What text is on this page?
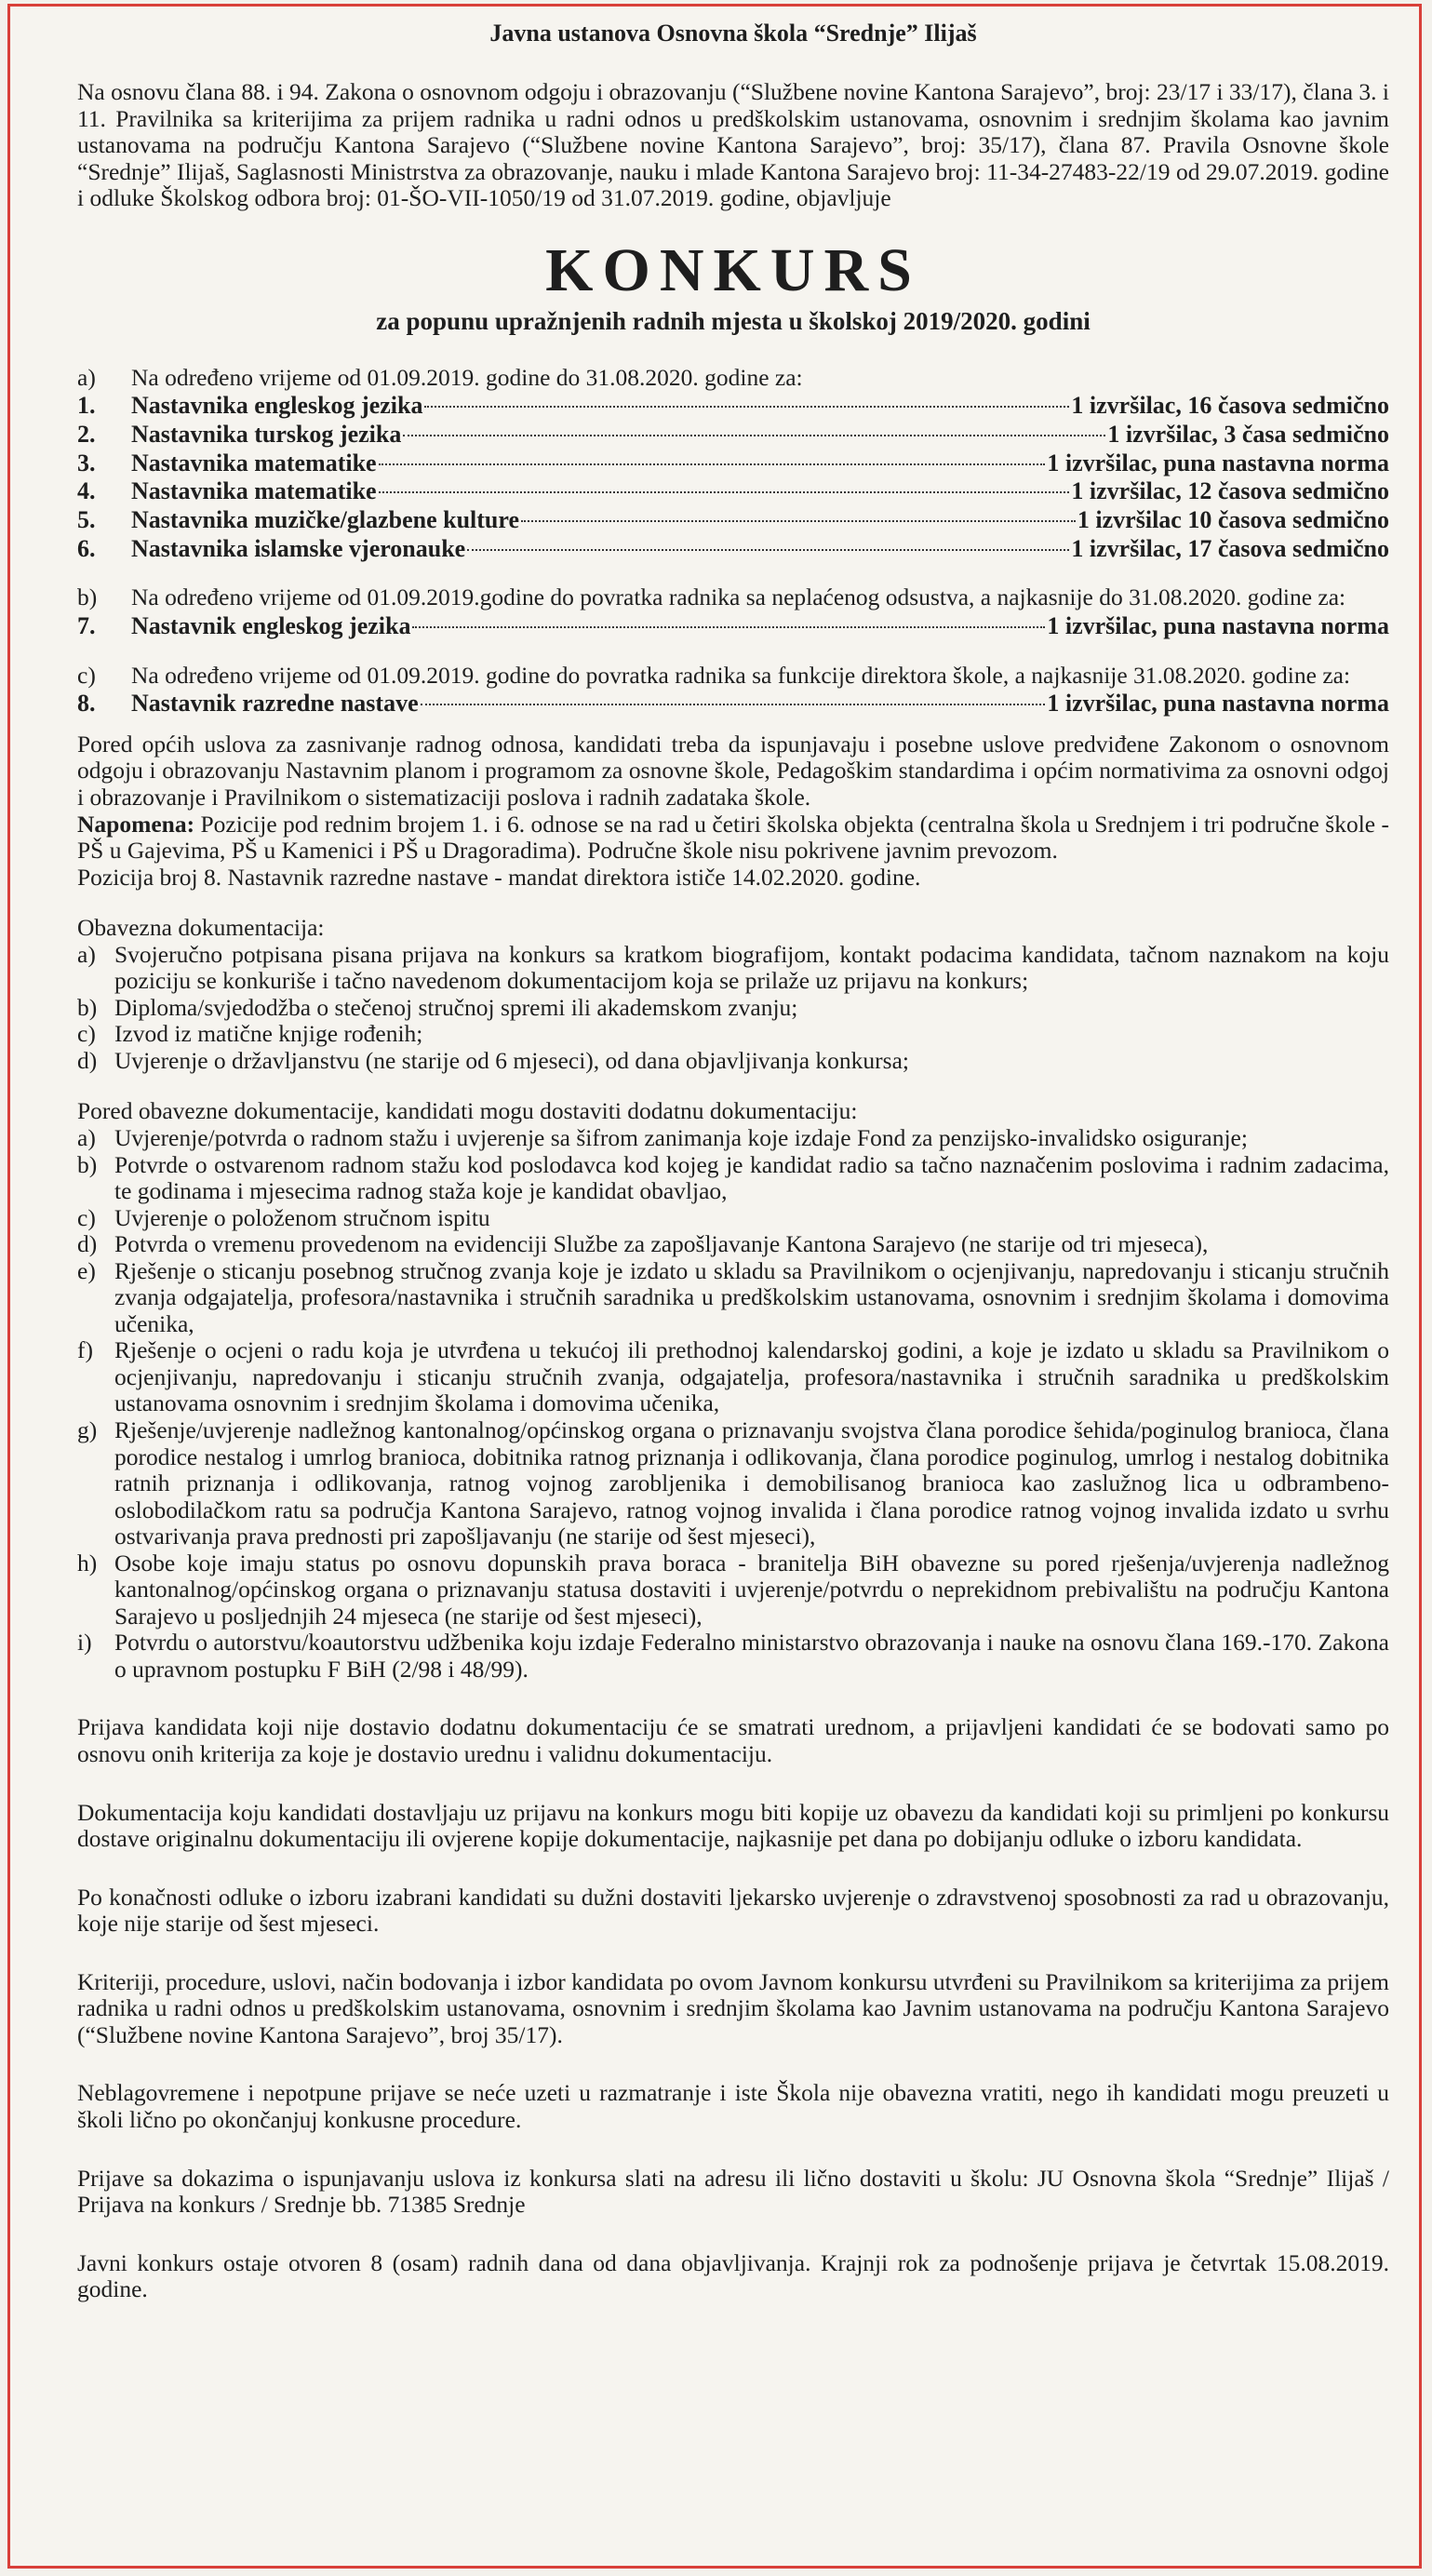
Javna ustanova Osnovna škola “Srednje” Ilijaš

Na osnovu člana 88. i 94. Zakona o osnovnom odgoju i obrazovanju (“Službene novine Kantona Sarajevo”, broj: 23/17 i 33/17), člana 3. i 11. Pravilnika sa kriterijima za prijem radnika u radni odnos u predškolskim ustanovama, osnovnim i srednjim školama kao javnim ustanovama na području Kantona Sarajevo (“Službene novine Kantona Sarajevo”, broj: 35/17), člana 87. Pravila Osnovne škole “Srednje” Ilijaš, Saglasnosti Ministrstva za obrazovanje, nauku i mlade Kantona Sarajevo broj: 11-34-27483-22/19 od 29.07.2019. godine i odluke Školskog odbora broj: 01-ŠO-VII-1050/19 od 31.07.2019. godine, objavljuje

KONKURS
za popunu upražnjenih radnih mjesta u školskoj 2019/2020. godini
a)	Na određeno vrijeme od 01.09.2019. godine do 31.08.2020. godine za:
1.	Nastavnika engleskog jezika	1 izvršilac, 16 časova sedmično
2.	Nastavnika turskog jezika	1 izvršilac, 3 časa sedmično
3.	Nastavnika matematike	1 izvršilac, puna nastavna norma
4.	Nastavnika matematike	1 izvršilac, 12 časova sedmično
5.	Nastavnika muzičke/glazbene kulture	1 izvršilac 10 časova sedmično
6.	Nastavnika islamske vjeronauke	1 izvršilac, 17 časova sedmično
b)	Na određeno vrijeme od 01.09.2019.godine do povratka radnika sa neplaćenog odsustva, a najkasnije do 31.08.2020. godine za:
7.	Nastavnik engleskog jezika	1 izvršilac, puna nastavna norma
c)	Na određeno vrijeme od 01.09.2019. godine do povratka radnika sa funkcije direktora škole, a najkasnije 31.08.2020. godine za:
8.	Nastavnik razredne nastave	1 izvršilac, puna nastavna norma

Pored općih uslova za zasnivanje radnog odnosa, kandidati treba da ispunjavaju i posebne uslove predviđene Zakonom o osnovnom odgoju i obrazovanju Nastavnim planom i programom za osnovne škole, Pedagoškim standardima i općim normativima za osnovni odgoj i obrazovanje i Pravilnikom o sistematizaciji poslova i radnih zadataka škole.

Napomena: Pozicije pod rednim brojem 1. i 6. odnose se na rad u četiri školska objekta (centralna škola u Srednjem i tri područne škole - PŠ u Gajevima, PŠ u Kamenici i PŠ u Dragoradima). Područne škole nisu pokrivene javnim prevozom.

Pozicija broj 8. Nastavnik razredne nastave - mandat direktora ističe 14.02.2020. godine.

Obavezna dokumentacija:

a) Svojeručno potpisana pisana prijava na konkurs sa kratkom biografijom, kontakt podacima kandidata, tačnom naznakom na koju poziciju se konkuriše i tačno navedenom dokumentacijom koja se prilaže uz prijavu na konkurs;
b) Diploma/svjedodžba o stečenoj stručnoj spremi ili akademskom zvanju;
c) Izvod iz matične knjige rođenih;
d) Uvjerenje o državljanstvu (ne starije od 6 mjeseci), od dana objavljivanja konkursa;

Pored obavezne dokumentacije, kandidati mogu dostaviti dodatnu dokumentaciju:

a) Uvjerenje/potvrda o radnom stažu i uvjerenje sa šifrom zanimanja koje izdaje Fond za penzijsko-invalidsko osiguranje;
b) Potvrde o ostvarenom radnom stažu kod poslodavca kod kojeg je kandidat radio sa tačno naznačenim poslovima i radnim zadacima, te godinama i mjesecima radnog staža koje je kandidat obavljao,
c) Uvjerenje o položenom stručnom ispitu
d) Potvrda o vremenu provedenom na evidenciji Službe za zapošljavanje Kantona Sarajevo (ne starije od tri mjeseca),
e) Rješenje o sticanju posebnog stručnog zvanja koje je izdato u skladu sa Pravilnikom o ocjenjivanju, napredovanju i sticanju stručnih zvanja odgajatelja, profesora/nastavnika i stručnih saradnika u predškolskim ustanovama, osnovnim i srednjim školama i domovima učenika,
f) Rješenje o ocjeni o radu koja je utvrđena u tekućoj ili prethodnoj kalendarskoj godini, a koje je izdato u skladu sa Pravilnikom o ocjenjivanju, napredovanju i sticanju stručnih zvanja, odgajatelja, profesora/nastavnika i stručnih saradnika u predškolskim ustanovama osnovnim i srednjim školama i domovima učenika,
g) Rješenje/uvjerenje nadležnog kantonalnog/općinskog organa o priznavanju svojstva člana porodice šehida/poginulog branioca, člana porodice nestalog i umrlog branioca, dobitnika ratnog priznanja i odlikovanja, člana porodice poginulog, umrlog i nestalog dobitnika ratnih priznanja i odlikovanja, ratnog vojnog zarobljenika i demobilisanog branioca kao zaslužnog lica u odbrambeno-oslobodilačkom ratu sa područja Kantona Sarajevo, ratnog vojnog invalida i člana porodice ratnog vojnog invalida izdato u svrhu ostvarivanja prava prednosti pri zapošljavanju (ne starije od šest mjeseci),
h) Osobe koje imaju status po osnovu dopunskih prava boraca - branitelja BiH obavezne su pored rješenja/uvjerenja nadležnog kantonalnog/općinskog organa o priznavanju statusa dostaviti i uvjerenje/potvrdu o neprekidnom prebivalištu na području Kantona Sarajevo u posljednjih 24 mjeseca (ne starije od šest mjeseci),
i) Potvrdu o autorstvu/koautorstvu udžbenika koju izdaje Federalno ministarstvo obrazovanja i nauke na osnovu člana 169.-170. Zakona o upravnom postupku F BiH (2/98 i 48/99).

Prijava kandidata koji nije dostavio dodatnu dokumentaciju će se smatrati urednom, a prijavljeni kandidati će se bodovati samo po osnovu onih kriterija za koje je dostavio urednu i validnu dokumentaciju.

Dokumentacija koju kandidati dostavljaju uz prijavu na konkurs mogu biti kopije uz obavezu da kandidati koji su primljeni po konkursu dostave originalnu dokumentaciju ili ovjerene kopije dokumentacije, najkasnije pet dana po dobijanju odluke o izboru kandidata.

Po konačnosti odluke o izboru izabrani kandidati su dužni dostaviti ljekarsko uvjerenje o zdravstvenoj sposobnosti za rad u obrazovanju, koje nije starije od šest mjeseci.

Kriteriji, procedure, uslovi, način bodovanja i izbor kandidata po ovom Javnom konkursu utvrđeni su Pravilnikom sa kriterijima za prijem radnika u radni odnos u predškolskim ustanovama, osnovnim i srednjim školama kao Javnim ustanovama na području Kantona Sarajevo (“Službene novine Kantona Sarajevo”, broj 35/17).

Neblagovremene i nepotpune prijave se neće uzeti u razmatranje i iste Škola nije obavezna vratiti, nego ih kandidati mogu preuzeti u školi lično po okončanjuj konkusne procedure.

Prijave sa dokazima o ispunjavanju uslova iz konkursa slati na adresu ili lično dostaviti u školu: JU Osnovna škola “Srednje” Ilijaš / Prijava na konkurs / Srednje bb. 71385 Srednje

Javni konkurs ostaje otvoren 8 (osam) radnih dana od dana objavljivanja. Krajnji rok za podnošenje prijava je četvrtak 15.08.2019. godine.
